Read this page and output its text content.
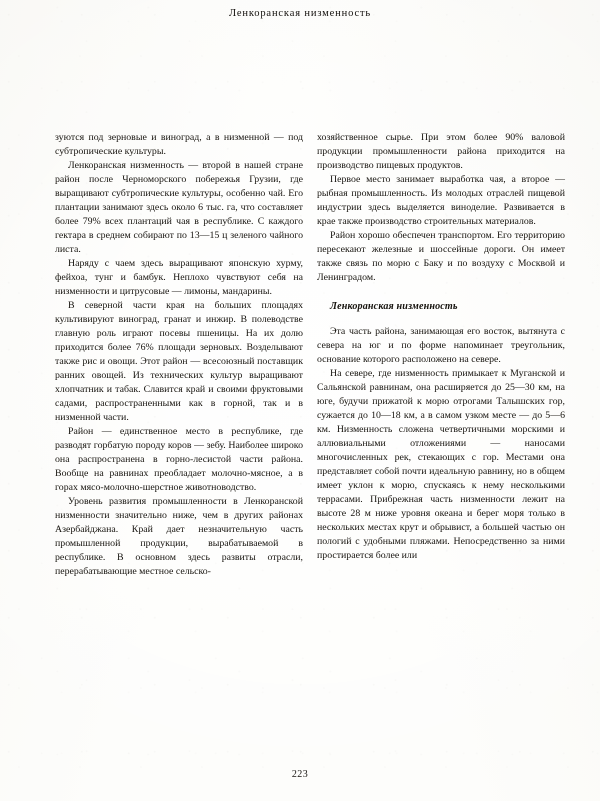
Ленкоранская низменность

зуются под зерновые и виноград, а в низменной — под субтропические культуры.

Ленкоранская низменность — второй в нашей стране район после Черноморского побережья Грузии, где выращивают субтропические культуры, особенно чай. Его плантации занимают здесь около 6 тыс. га, что составляет более 79% всех плантаций чая в республике. С каждого гектара в среднем собирают по 13—15 ц зеленого чайного листа.

Наряду с чаем здесь выращивают японскую хурму, фейхоа, тунг и бамбук. Неплохо чувствуют себя на низменности и цитрусовые — лимоны, мандарины.

В северной части края на больших площадях культивируют виноград, гранат и инжир. В полеводстве главную роль играют посевы пшеницы. На их долю приходится более 76% площади зерновых. Возделывают также рис и овощи. Этот район — всесоюзный поставщик ранних овощей. Из технических культур выращивают хлопчатник и табак. Славится край и своими фруктовыми садами, распространенными как в горной, так и в низменной части.

Район — единственное место в республике, где разводят горбатую породу коров — зебу. Наиболее широко она распространена в горно-лесистой части района. Вообще на равнинах преобладает молочно-мясное, а в горах мясо-молочно-шерстное животноводство.

Уровень развития промышленности в Ленкоранской низменности значительно ниже, чем в других районах Азербайджана. Край дает незначительную часть промышленной продукции, вырабатываемой в республике. В основном здесь развиты отрасли, перерабатывающие местное сельско-

хозяйственное сырье. При этом более 90% валовой продукции промышленности района приходится на производство пищевых продуктов.

Первое место занимает выработка чая, а второе — рыбная промышленность. Из молодых отраслей пищевой индустрии здесь выделяется виноделие. Развивается в крае также производство строительных материалов.

Район хорошо обеспечен транспортом. Его территорию пересекают железные и шоссейные дороги. Он имеет также связь по морю с Баку и по воздуху с Москвой и Ленинградом.

Ленкоранская низменность

Эта часть района, занимающая его восток, вытянута с севера на юг и по форме напоминает треугольник, основание которого расположено на севере.

На севере, где низменность примыкает к Муганской и Сальянской равнинам, она расширяется до 25—30 км, на юге, будучи прижатой к морю отрогами Талышских гор, сужается до 10—18 км, а в самом узком месте — до 5—6 км. Низменность сложена четвертичными морскими и аллювиальными отложениями — наносами многочисленных рек, стекающих с гор. Местами она представляет собой почти идеальную равнину, но в общем имеет уклон к морю, спускаясь к нему несколькими террасами. Прибрежная часть низменности лежит на высоте 28 м ниже уровня океана и берег моря только в нескольких местах крут и обрывист, а большей частью он пологий с удобными пляжами. Непосредственно за ними простирается более или

223
